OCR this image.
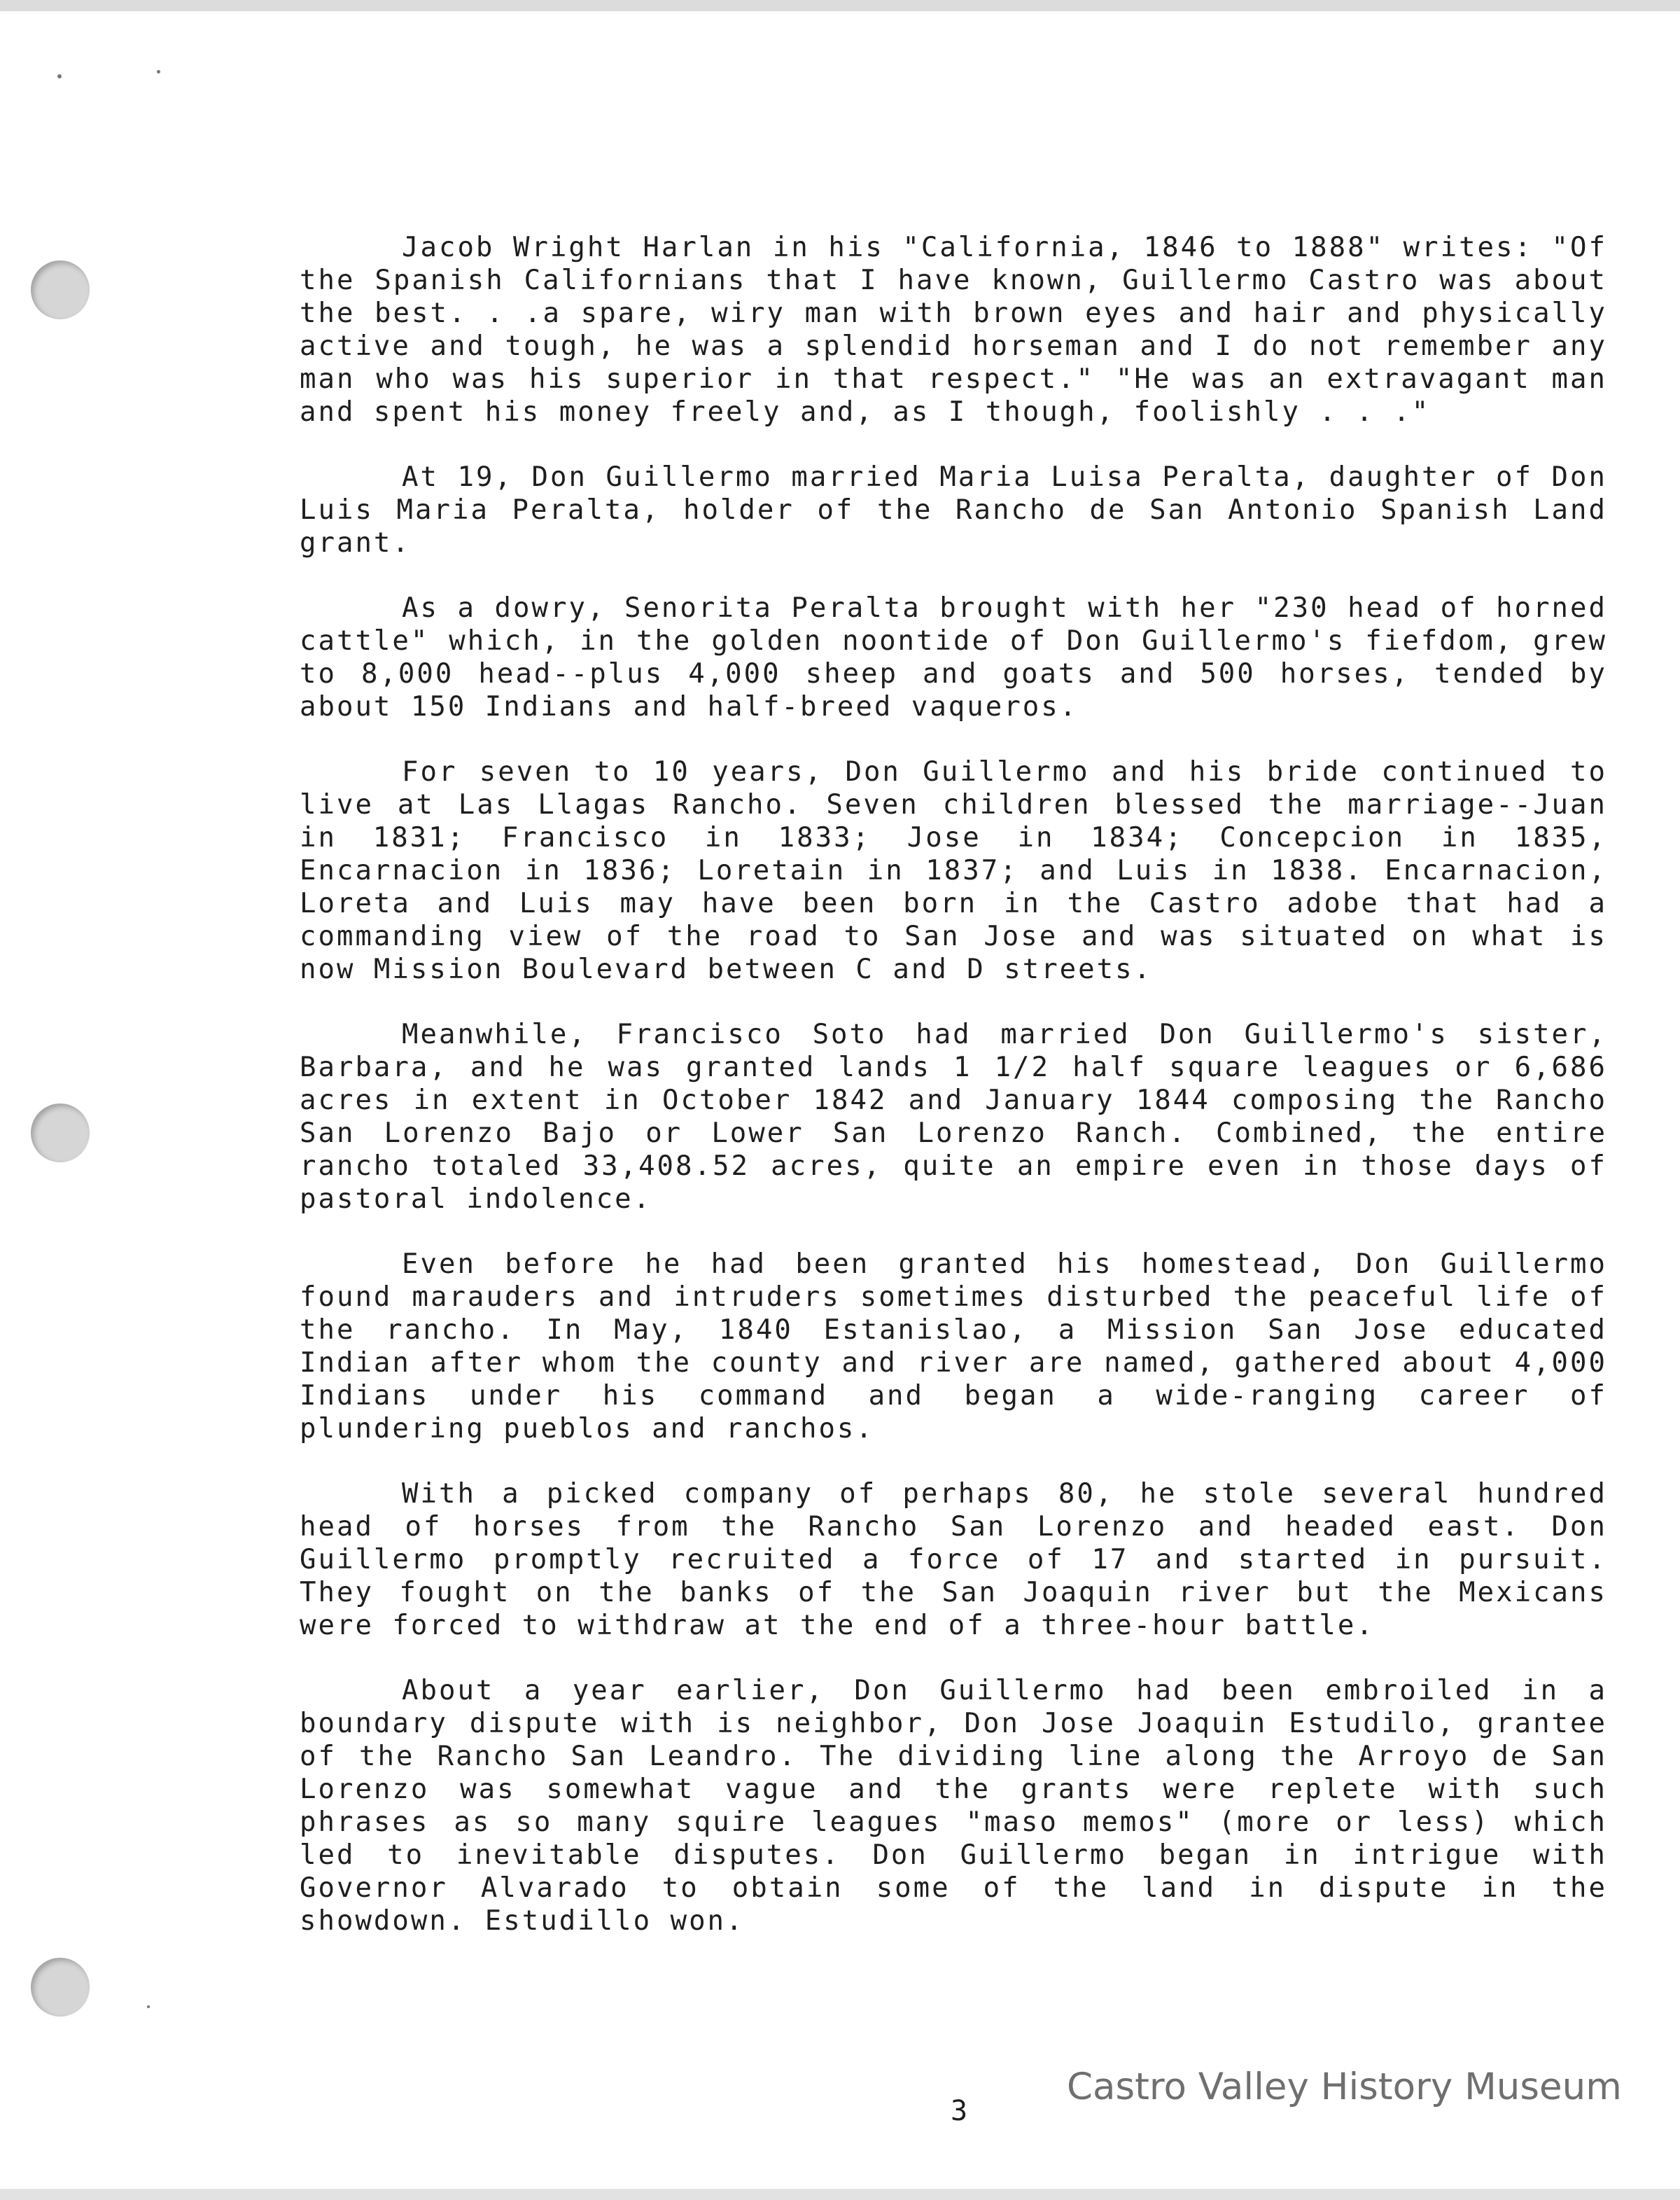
Jacob Wright Harlan in his "California, 1846 to 1888" writes: "Of the Spanish Californians that I have known, Guillermo Castro was about the best. . .a spare, wiry man with brown eyes and hair and physically active and tough, he was a splendid horseman and I do not remember any man who was his superior in that respect." "He was an extravagant man and spent his money freely and, as I though, foolishly . . ."

At 19, Don Guillermo married Maria Luisa Peralta, daughter of Don Luis Maria Peralta, holder of the Rancho de San Antonio Spanish Land grant.

As a dowry, Senorita Peralta brought with her "230 head of horned cattle" which, in the golden noontide of Don Guillermo's fiefdom, grew to 8,000 head--plus 4,000 sheep and goats and 500 horses, tended by about 150 Indians and half-breed vaqueros.

For seven to 10 years, Don Guillermo and his bride continued to live at Las Llagas Rancho. Seven children blessed the marriage--Juan in 1831; Francisco in 1833; Jose in 1834; Concepcion in 1835, Encarnacion in 1836; Loretain in 1837; and Luis in 1838. Encarnacion, Loreta and Luis may have been born in the Castro adobe that had a commanding view of the road to San Jose and was situated on what is now Mission Boulevard between C and D streets.

Meanwhile, Francisco Soto had married Don Guillermo's sister, Barbara, and he was granted lands 1 1/2 half square leagues or 6,686 acres in extent in October 1842 and January 1844 composing the Rancho San Lorenzo Bajo or Lower San Lorenzo Ranch. Combined, the entire rancho totaled 33,408.52 acres, quite an empire even in those days of pastoral indolence.

Even before he had been granted his homestead, Don Guillermo found marauders and intruders sometimes disturbed the peaceful life of the rancho. In May, 1840 Estanislao, a Mission San Jose educated Indian after whom the county and river are named, gathered about 4,000 Indians under his command and began a wide-ranging career of plundering pueblos and ranchos.

With a picked company of perhaps 80, he stole several hundred head of horses from the Rancho San Lorenzo and headed east. Don Guillermo promptly recruited a force of 17 and started in pursuit. They fought on the banks of the San Joaquin river but the Mexicans were forced to withdraw at the end of a three-hour battle.

About a year earlier, Don Guillermo had been embroiled in a boundary dispute with is neighbor, Don Jose Joaquin Estudilo, grantee of the Rancho San Leandro. The dividing line along the Arroyo de San Lorenzo was somewhat vague and the grants were replete with such phrases as so many squire leagues "maso memos" (more or less) which led to inevitable disputes. Don Guillermo began in intrigue with Governor Alvarado to obtain some of the land in dispute in the showdown. Estudillo won.

Castro Valley History Museum
3
